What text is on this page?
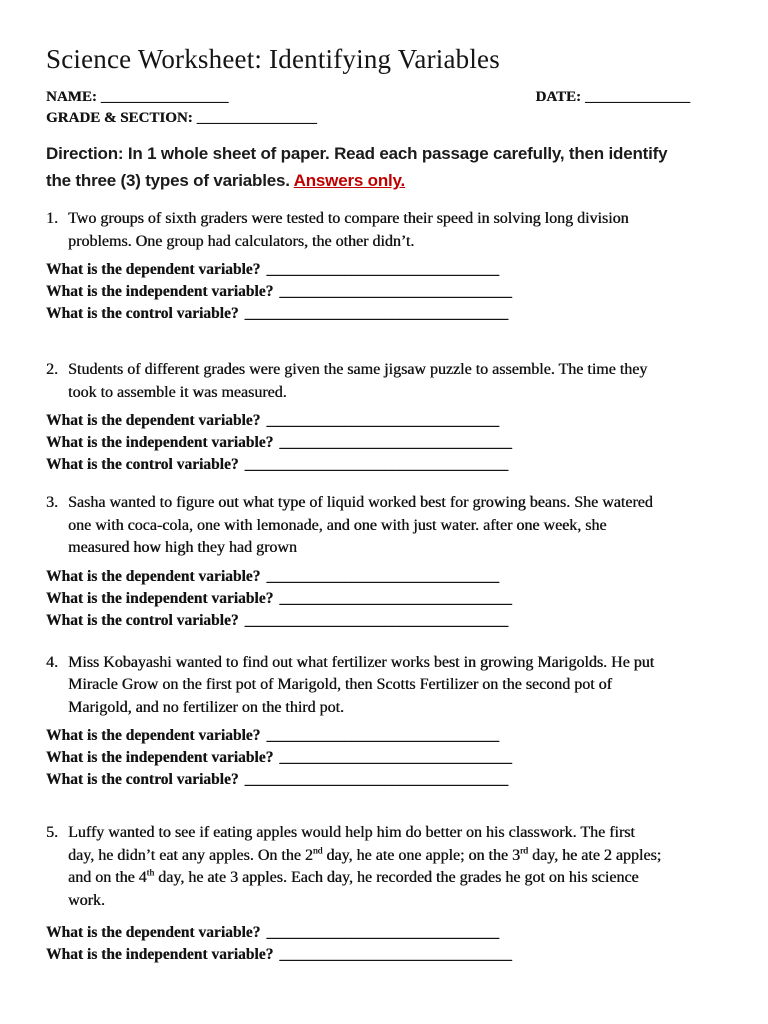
Science Worksheet: Identifying Variables
NAME: _________________	DATE: ______________
GRADE & SECTION: ________________

Direction: In 1 whole sheet of paper. Read each passage carefully, then identify
the three (3) types of variables. Answers only.

1. Two groups of sixth graders were tested to compare their speed in solving long division
problems. One group had calculators, the other didn’t.
What is the dependent variable? ______________________________
What is the independent variable? ______________________________
What is the control variable? __________________________________
2. Students of different grades were given the same jigsaw puzzle to assemble. The time they
took to assemble it was measured.
What is the dependent variable? ______________________________
What is the independent variable? ______________________________
What is the control variable? __________________________________
3. Sasha wanted to figure out what type of liquid worked best for growing beans. She watered
one with coca-cola, one with lemonade, and one with just water. after one week, she
measured how high they had grown
What is the dependent variable? ______________________________
What is the independent variable? ______________________________
What is the control variable? __________________________________
4. Miss Kobayashi wanted to find out what fertilizer works best in growing Marigolds. He put
Miracle Grow on the first pot of Marigold, then Scotts Fertilizer on the second pot of
Marigold, and no fertilizer on the third pot.
What is the dependent variable? ______________________________
What is the independent variable? ______________________________
What is the control variable? __________________________________
5. Luffy wanted to see if eating apples would help him do better on his classwork. The first
day, he didn’t eat any apples. On the 2nd day, he ate one apple; on the 3rd day, he ate 2 apples;
and on the 4th day, he ate 3 apples. Each day, he recorded the grades he got on his science
work.
What is the dependent variable? ______________________________
What is the independent variable? ______________________________
